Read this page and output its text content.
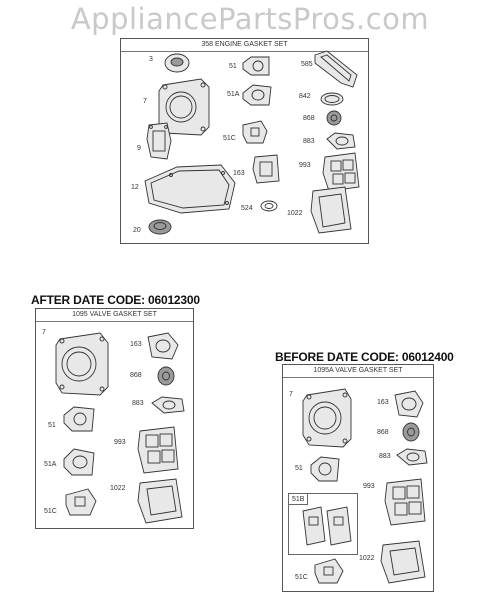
AppliancePartsPros.com
358 ENGINE GASKET SET
3
51	585
7
51A	842
868
51C	883
9
163
993
12
524
1022
20
AFTER DATE CODE: 06012300
1095 VALVE GASKET SET
7
163
868
883
51
993
51A
1022
51C
BEFORE DATE CODE: 06012400
1095A VALVE GASKET SET
7
163
868
883
51
993
51B
1022
51C
